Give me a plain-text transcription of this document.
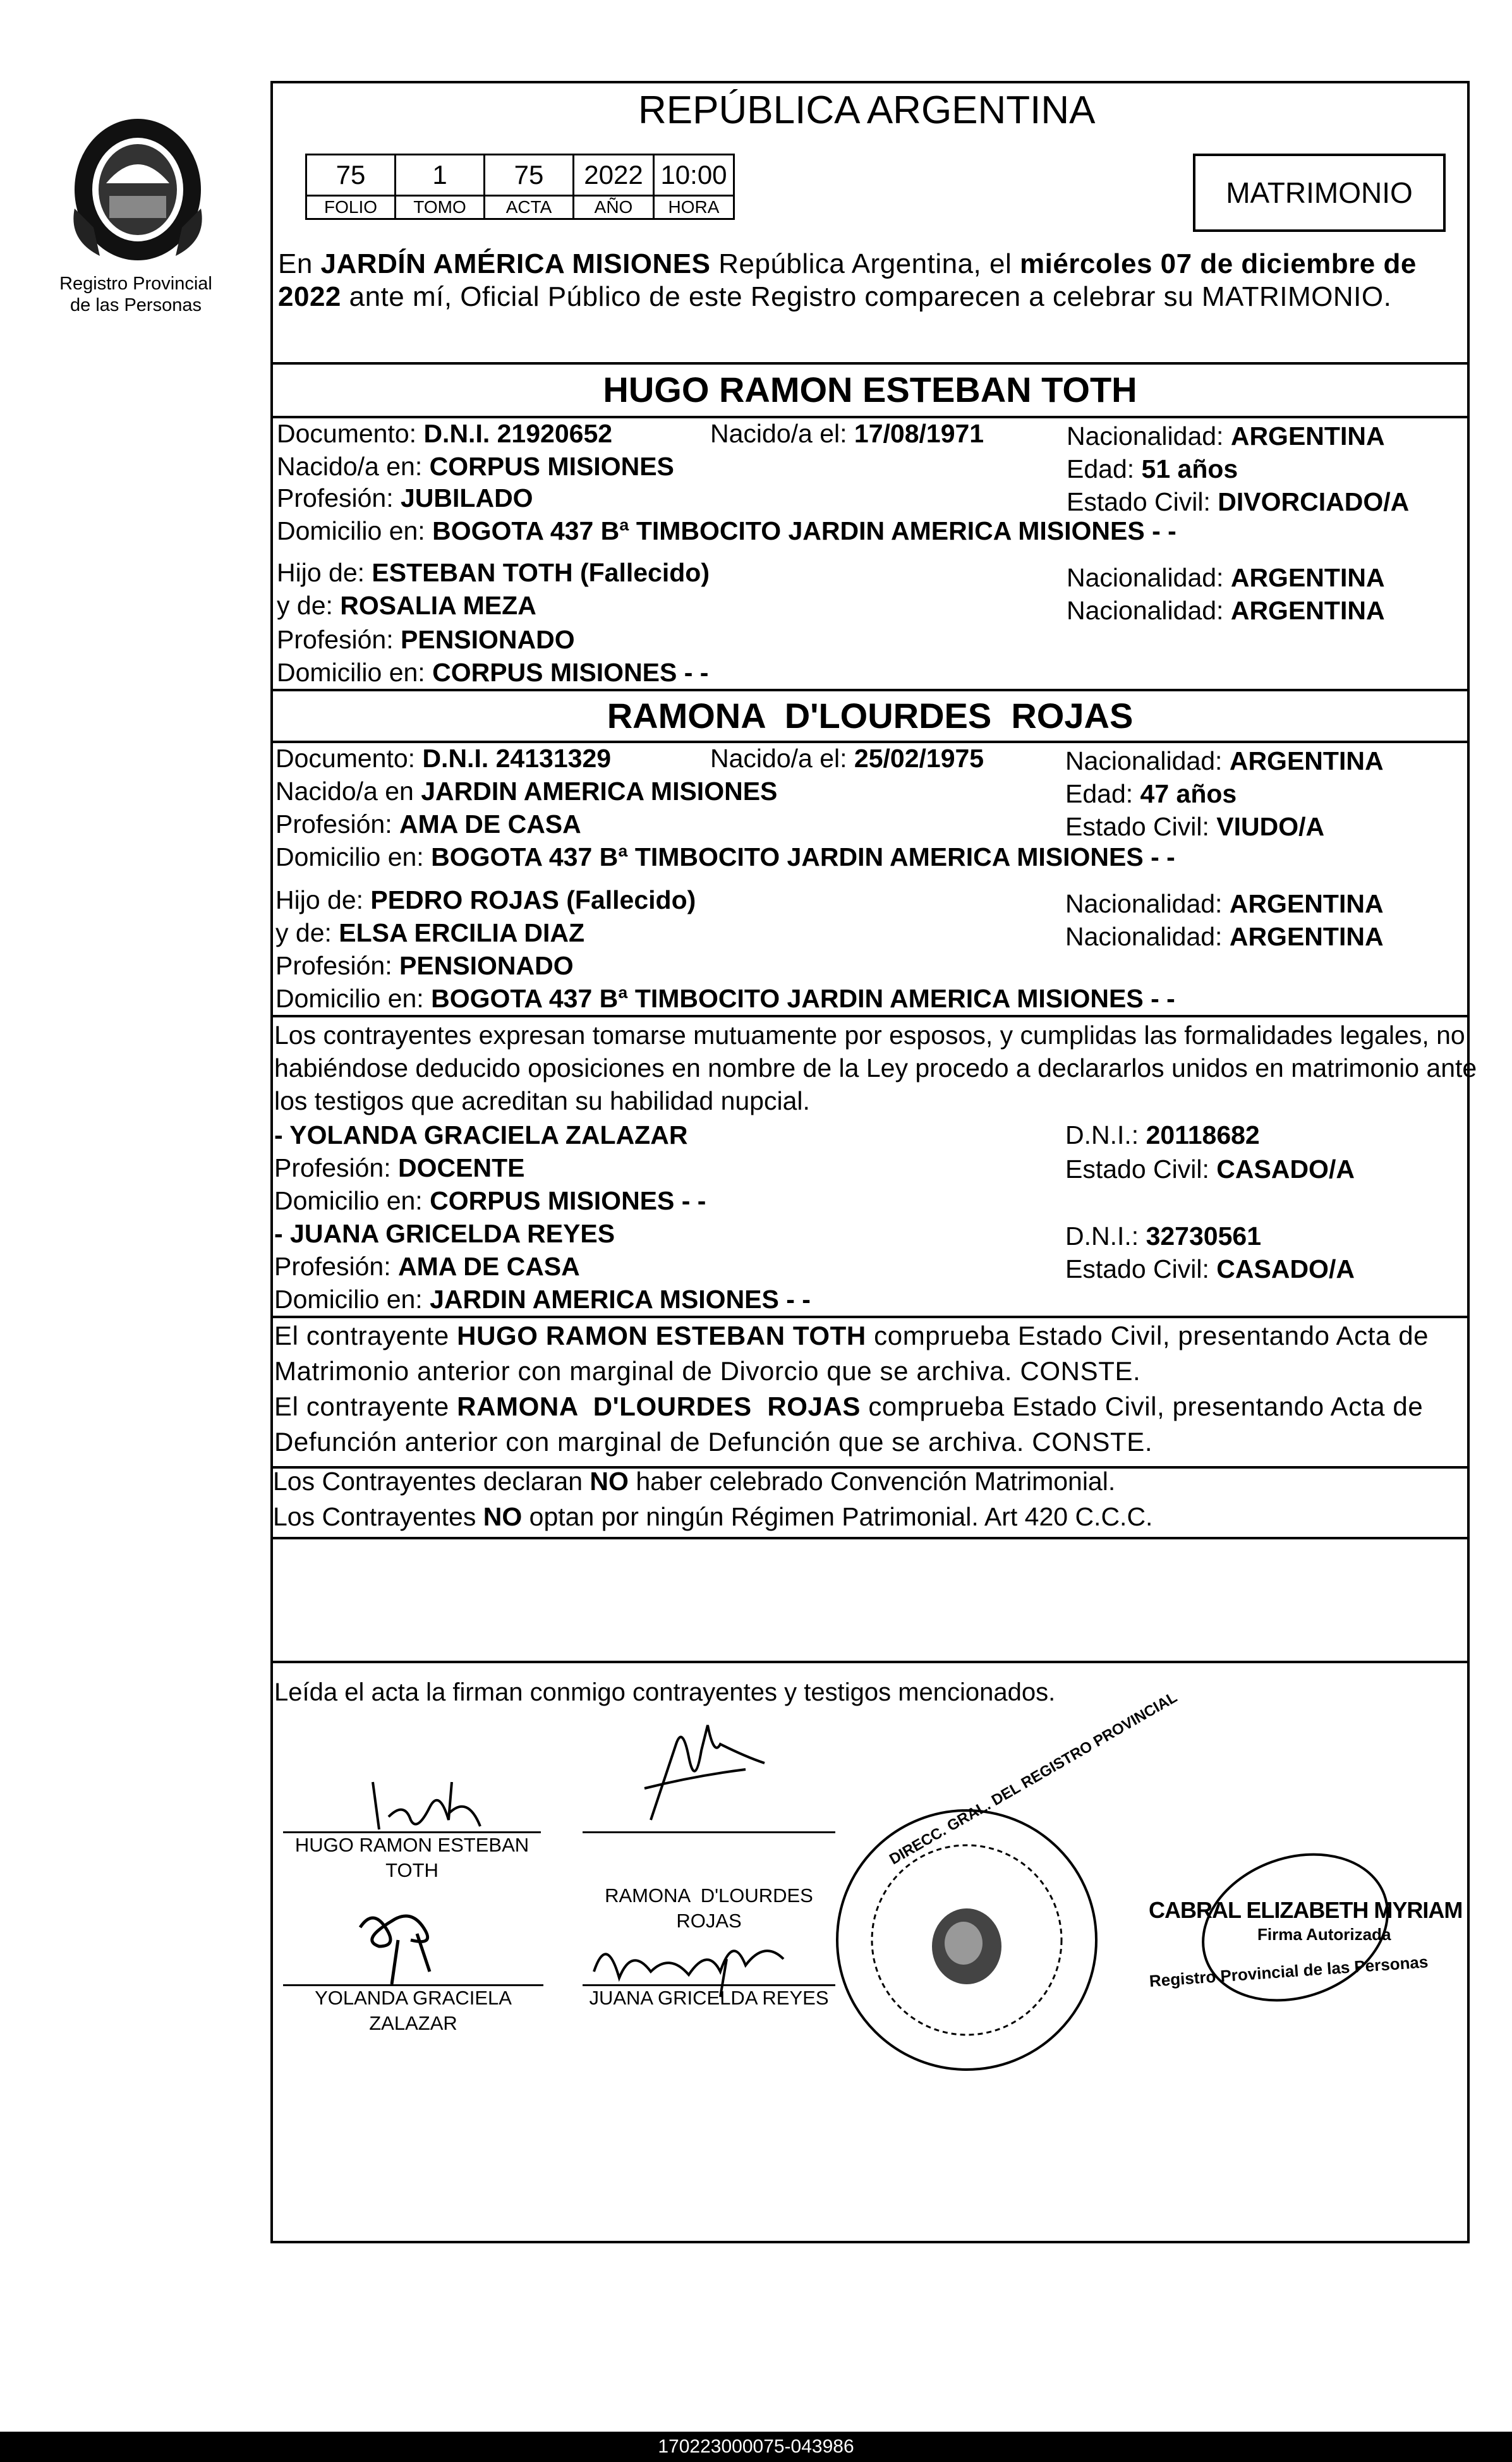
Registro Provincial
de las Personas
REPÚBLICA ARGENTINA
75	1	75	2022	10:00
FOLIO	TOMO	ACTA	AÑO	HORA	MATRIMONIO
En JARDÍN AMÉRICA MISIONES República Argentina, el miércoles 07 de diciembre de
2022 ante mí, Oficial Público de este Registro comparecen a celebrar su MATRIMONIO.
HUGO RAMON ESTEBAN TOTH
Documento: D.N.I. 21920652	Nacido/a el: 17/08/1971	Nacionalidad: ARGENTINA
Nacido/a en: CORPUS MISIONES	Edad: 51 años
Profesión: JUBILADO	Estado Civil: DIVORCIADO/A
Domicilio en: BOGOTA 437 Bª TIMBOCITO JARDIN AMERICA MISIONES - -
Hijo de: ESTEBAN TOTH (Fallecido)	Nacionalidad: ARGENTINA
y de: ROSALIA MEZA	Nacionalidad: ARGENTINA
Profesión: PENSIONADO
Domicilio en: CORPUS MISIONES - -
RAMONA  D'LOURDES  ROJAS
Documento: D.N.I. 24131329	Nacido/a el: 25/02/1975	Nacionalidad: ARGENTINA
Nacido/a en JARDIN AMERICA MISIONES	Edad: 47 años
Profesión: AMA DE CASA	Estado Civil: VIUDO/A
Domicilio en: BOGOTA 437 Bª TIMBOCITO JARDIN AMERICA MISIONES - -
Hijo de: PEDRO ROJAS (Fallecido)	Nacionalidad: ARGENTINA
y de: ELSA ERCILIA DIAZ	Nacionalidad: ARGENTINA
Profesión: PENSIONADO
Domicilio en: BOGOTA 437 Bª TIMBOCITO JARDIN AMERICA MISIONES - -
Los contrayentes expresan tomarse mutuamente por esposos, y cumplidas las formalidades legales, no
habiéndose deducido oposiciones en nombre de la Ley procedo a declararlos unidos en matrimonio ante
los testigos que acreditan su habilidad nupcial.
- YOLANDA GRACIELA ZALAZAR	D.N.I.: 20118682
Profesión: DOCENTE	Estado Civil: CASADO/A
Domicilio en: CORPUS MISIONES - -
- JUANA GRICELDA REYES	D.N.I.: 32730561
Profesión: AMA DE CASA	Estado Civil: CASADO/A
Domicilio en: JARDIN AMERICA MSIONES - -
El contrayente HUGO RAMON ESTEBAN TOTH comprueba Estado Civil, presentando Acta de
Matrimonio anterior con marginal de Divorcio que se archiva. CONSTE.
El contrayente RAMONA  D'LOURDES  ROJAS comprueba Estado Civil, presentando Acta de
Defunción anterior con marginal de Defunción que se archiva. CONSTE.
Los Contrayentes declaran NO haber celebrado Convención Matrimonial.
Los Contrayentes NO optan por ningún Régimen Patrimonial. Art 420 C.C.C.
Leída el acta la firman conmigo contrayentes y testigos mencionados.
HUGO RAMON ESTEBAN
TOTH

RAMONA  D'LOURDES
ROJAS

YOLANDA GRACIELA
ZALAZAR
JUANA GRICELDA REYES
DIRECC. GRAL. DEL REGISTRO PROVINCIAL
CABRAL ELIZABETH MYRIAM
Firma Autorizada
Registro Provincial de las Personas
170223000075-043986
